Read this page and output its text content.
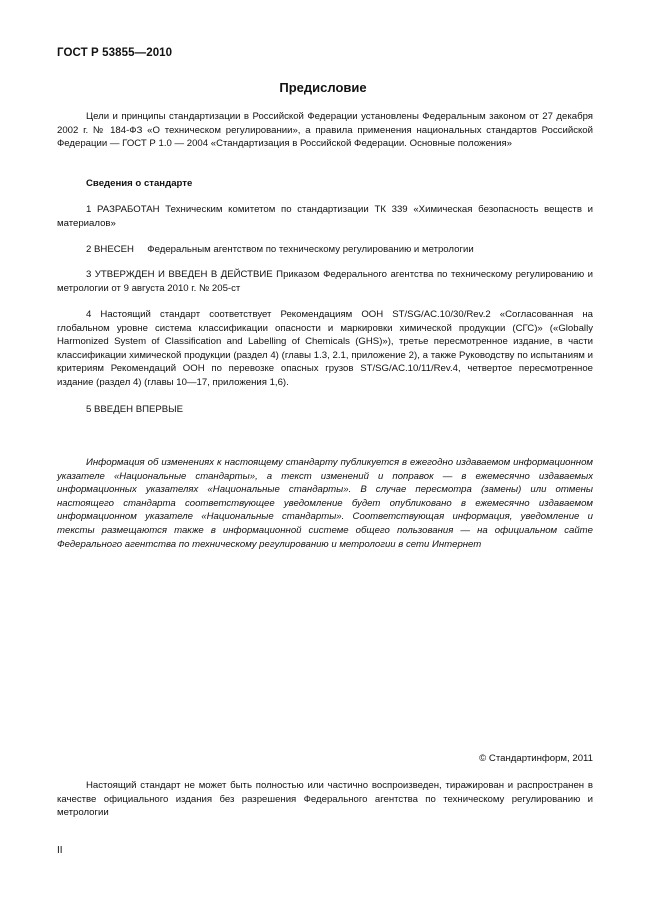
ГОСТ Р 53855—2010
Предисловие

Цели и принципы стандартизации в Российской Федерации установлены Федеральным законом от 27 декабря 2002 г. № 184-ФЗ «О техническом регулировании», а правила применения национальных стандартов Российской Федерации — ГОСТ Р 1.0 — 2004 «Стандартизация в Российской Федерации. Основные положения»

Сведения о стандарте

1 РАЗРАБОТАН Техническим комитетом по стандартизации ТК 339 «Химическая безопасность веществ и материалов»

2 ВНЕСЕН     Федеральным агентством по техническому регулированию и метрологии

3 УТВЕРЖДЕН И ВВЕДЕН В ДЕЙСТВИЕ Приказом Федерального агентства по техническому регулированию и метрологии от 9 августа 2010 г. № 205-ст

4 Настоящий стандарт соответствует Рекомендациям ООН ST/SG/AC.10/30/Rev.2 «Согласованная на глобальном уровне система классификации опасности и маркировки химической продукции (СГС)» («Globally Harmonized System of Classification and Labelling of Chemicals (GHS)»), третье пересмотренное издание, в части классификации химической продукции (раздел 4) (главы 1.3, 2.1, приложение 2), а также Руководству по испытаниям и критериям Рекомендаций ООН по перевозке опасных грузов ST/SG/AC.10/11/Rev.4, четвертое пересмотренное издание (раздел 4) (главы 10—17, приложения 1,6).

5 ВВЕДЕН ВПЕРВЫЕ

Информация об изменениях к настоящему стандарту публикуется в ежегодно издаваемом информационном указателе «Национальные стандарты», а текст изменений и поправок — в ежемесячно издаваемых информационных указателях «Национальные стандарты». В случае пересмотра (замены) или отмены настоящего стандарта соответствующее уведомление будет опубликовано в ежемесячно издаваемом информационном указателе «Национальные стандарты». Соответствующая информация, уведомление и тексты размещаются также в информационной системе общего пользования — на официальном сайте Федерального агентства по техническому регулированию и метрологии в сети Интернет

© Стандартинформ, 2011

Настоящий стандарт не может быть полностью или частично воспроизведен, тиражирован и распространен в качестве официального издания без разрешения Федерального агентства по техническому регулированию и метрологии

II
